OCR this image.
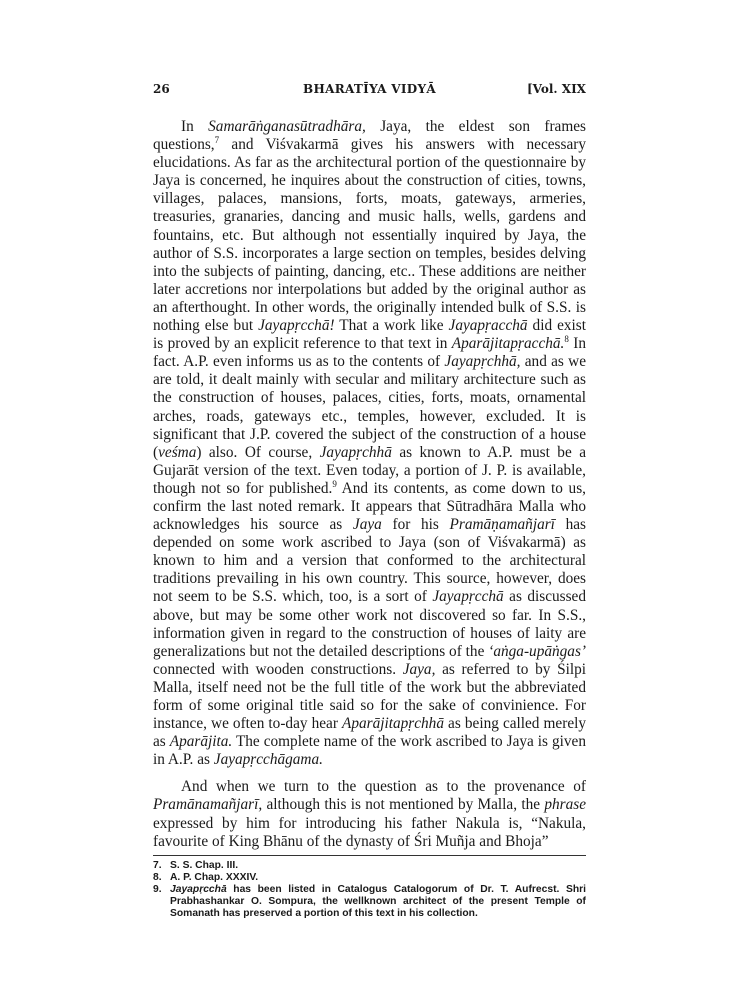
26	BHARATĪYA VIDYĀ	[Vol. XIX

In Samarāṅganasūtradhāra, Jaya, the eldest son frames questions,$^7$ and Viśvakarmā gives his answers with necessary elucidations. As far as the architectural portion of the questionnaire by Jaya is concerned, he inquires about the construction of cities, towns, villages, palaces, mansions, forts, moats, gateways, armeries, treasuries, granaries, dancing and music halls, wells, gardens and fountains, etc. But although not essentially inquired by Jaya, the author of S.S. incorporates a large section on temples, besides delving into the subjects of painting, dancing, etc.. These additions are neither later accretions nor interpolations but added by the original author as an afterthought. In other words, the originally intended bulk of S.S. is nothing else but Jayapṛcchā! That a work like Jayapṛacchā did exist is proved by an explicit reference to that text in Aparājitapṛacchā.$^8$ In fact. A.P. even informs us as to the contents of Jayapṛchhā, and as we are told, it dealt mainly with secular and military architecture such as the construction of houses, palaces, cities, forts, moats, ornamental arches, roads, gateways etc., temples, however, excluded. It is significant that J.P. covered the subject of the construction of a house (veśma) also. Of course, Jayapṛchhā as known to A.P. must be a Gujarāt version of the text. Even today, a portion of J. P. is available, though not so for published.$^9$ And its contents, as come down to us, confirm the last noted remark. It appears that Sūtradhāra Malla who acknowledges his source as Jaya for his Pramāṇamañjarī has depended on some work ascribed to Jaya (son of Viśvakarmā) as known to him and a version that conformed to the architectural traditions prevailing in his own country. This source, however, does not seem to be S.S. which, too, is a sort of Jayapṛcchā as discussed above, but may be some other work not discovered so far. In S.S., information given in regard to the construction of houses of laity are generalizations but not the detailed descriptions of the ‘aṅga-upāṅgas’ connected with wooden constructions. Jaya, as referred to by Śilpi Malla, itself need not be the full title of the work but the abbreviated form of some original title said so for the sake of convinience. For instance, we often to-day hear Aparājitapṛchhā as being called merely as Aparājita. The complete name of the work ascribed to Jaya is given in A.P. as Jayapṛcchāgama.

And when we turn to the question as to the provenance of Pramānamañjarī, although this is not mentioned by Malla, the phrase expressed by him for introducing his father Nakula is, “Nakula, favourite of King Bhānu of the dynasty of Śri Muñja and Bhoja”

7. S. S. Chap. III.
8. A. P. Chap. XXXIV.
9. Jayapṛcchā has been listed in Catalogus Catalogorum of Dr. T. Aufrecst. Shri Prabhashankar O. Sompura, the wellknown architect of the present Temple of Somanath has preserved a portion of this text in his collection.
